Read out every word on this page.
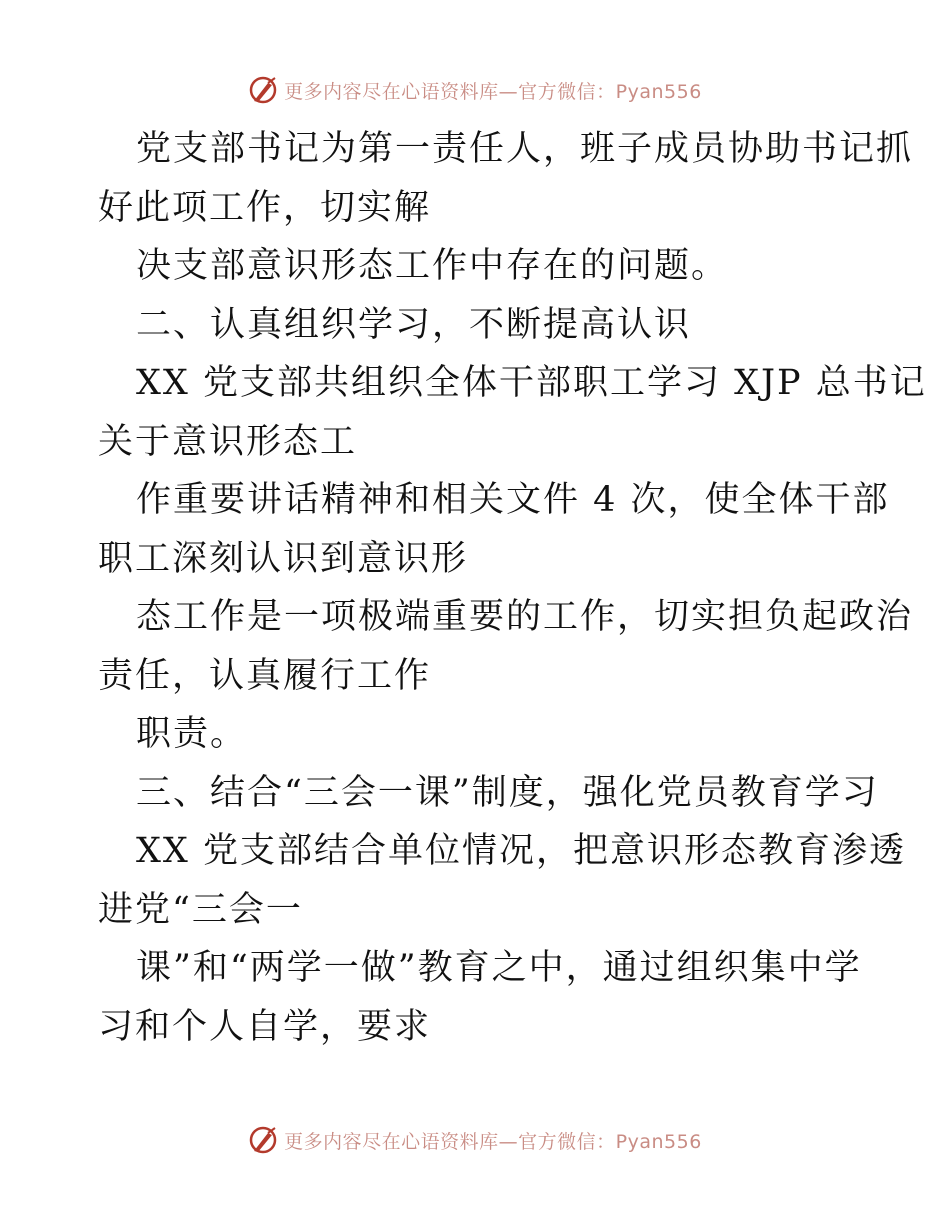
更多内容尽在心语资料库—官方微信：Pyan556
党支部书记为第一责任人，班子成员协助书记抓
好此项工作，切实解
决支部意识形态工作中存在的问题。
二、认真组织学习，不断提高认识
XX 党支部共组织全体干部职工学习 XJP 总书记
关于意识形态工
作重要讲话精神和相关文件 4 次，使全体干部
职工深刻认识到意识形
态工作是一项极端重要的工作，切实担负起政治
责任，认真履行工作
职责。
三、结合“三会一课”制度，强化党员教育学习
XX 党支部结合单位情况，把意识形态教育渗透
进党“三会一
课”和“两学一做”教育之中，通过组织集中学
习和个人自学，要求
更多内容尽在心语资料库—官方微信：Pyan556
